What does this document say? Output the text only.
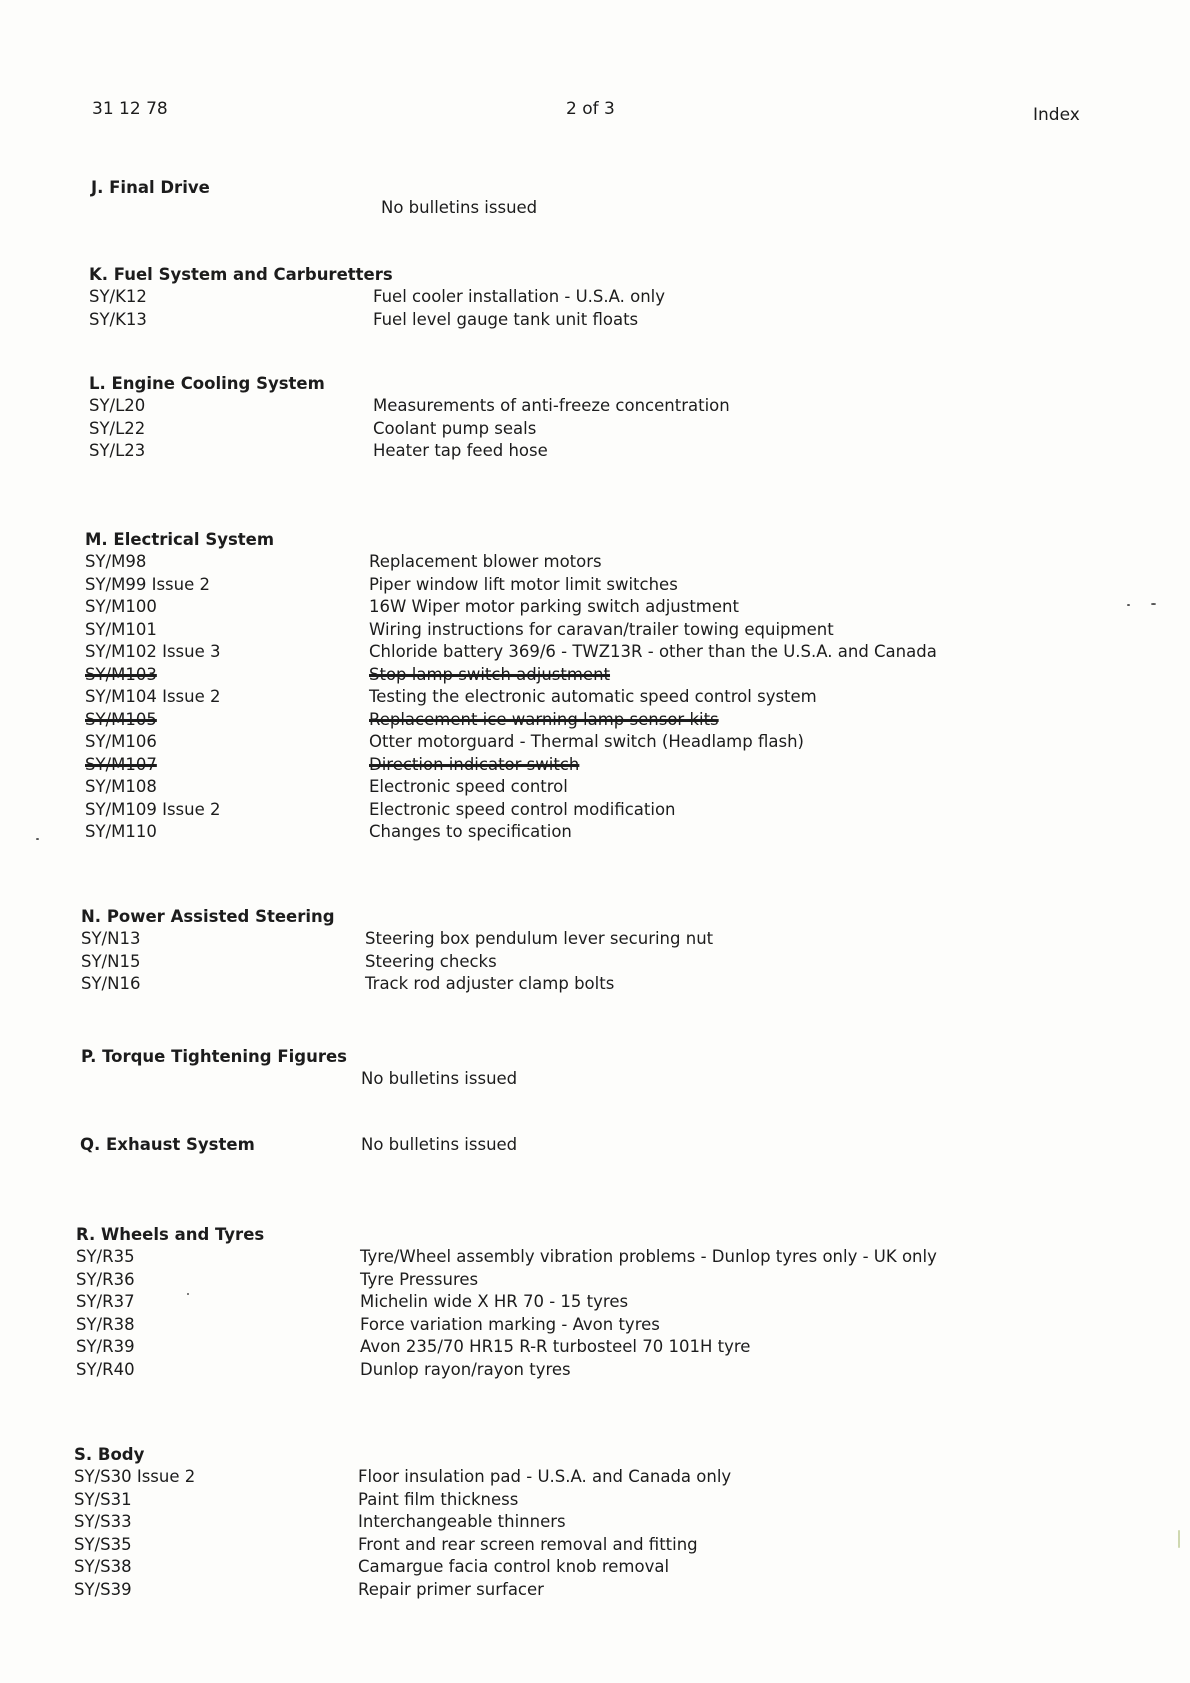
31 12 78	2 of 3	Index
J. Final Drive
No bulletins issued
K. Fuel System and Carburetters
SY/K12	Fuel cooler installation - U.S.A. only
SY/K13	Fuel level gauge tank unit floats
L. Engine Cooling System
SY/L20	Measurements of anti-freeze concentration
SY/L22	Coolant pump seals
SY/L23	Heater tap feed hose
M. Electrical System
SY/M98	Replacement blower motors
SY/M99 Issue 2	Piper window lift motor limit switches
SY/M100	16W Wiper motor parking switch adjustment
SY/M101	Wiring instructions for caravan/trailer towing equipment
SY/M102 Issue 3	Chloride battery 369/6 - TWZ13R - other than the U.S.A. and Canada
SY/M103	Stop lamp switch adjustment
SY/M104 Issue 2	Testing the electronic automatic speed control system
SY/M105	Replacement ice warning lamp sensor kits
SY/M106	Otter motorguard - Thermal switch (Headlamp flash)
SY/M107	Direction indicator switch
SY/M108	Electronic speed control
SY/M109 Issue 2	Electronic speed control modification
SY/M110	Changes to specification
N. Power Assisted Steering
SY/N13	Steering box pendulum lever securing nut
SY/N15	Steering checks
SY/N16	Track rod adjuster clamp bolts
P. Torque Tightening Figures
No bulletins issued
Q. Exhaust System	No bulletins issued
R. Wheels and Tyres
SY/R35	Tyre/Wheel assembly vibration problems - Dunlop tyres only - UK only
SY/R36	Tyre Pressures
SY/R37	Michelin wide X HR 70 - 15 tyres
SY/R38	Force variation marking - Avon tyres
SY/R39	Avon 235/70 HR15 R-R turbosteel 70 101H tyre
SY/R40	Dunlop rayon/rayon tyres
S. Body
SY/S30 Issue 2	Floor insulation pad - U.S.A. and Canada only
SY/S31	Paint film thickness
SY/S33	Interchangeable thinners
SY/S35	Front and rear screen removal and fitting
SY/S38	Camargue facia control knob removal
SY/S39	Repair primer surfacer
